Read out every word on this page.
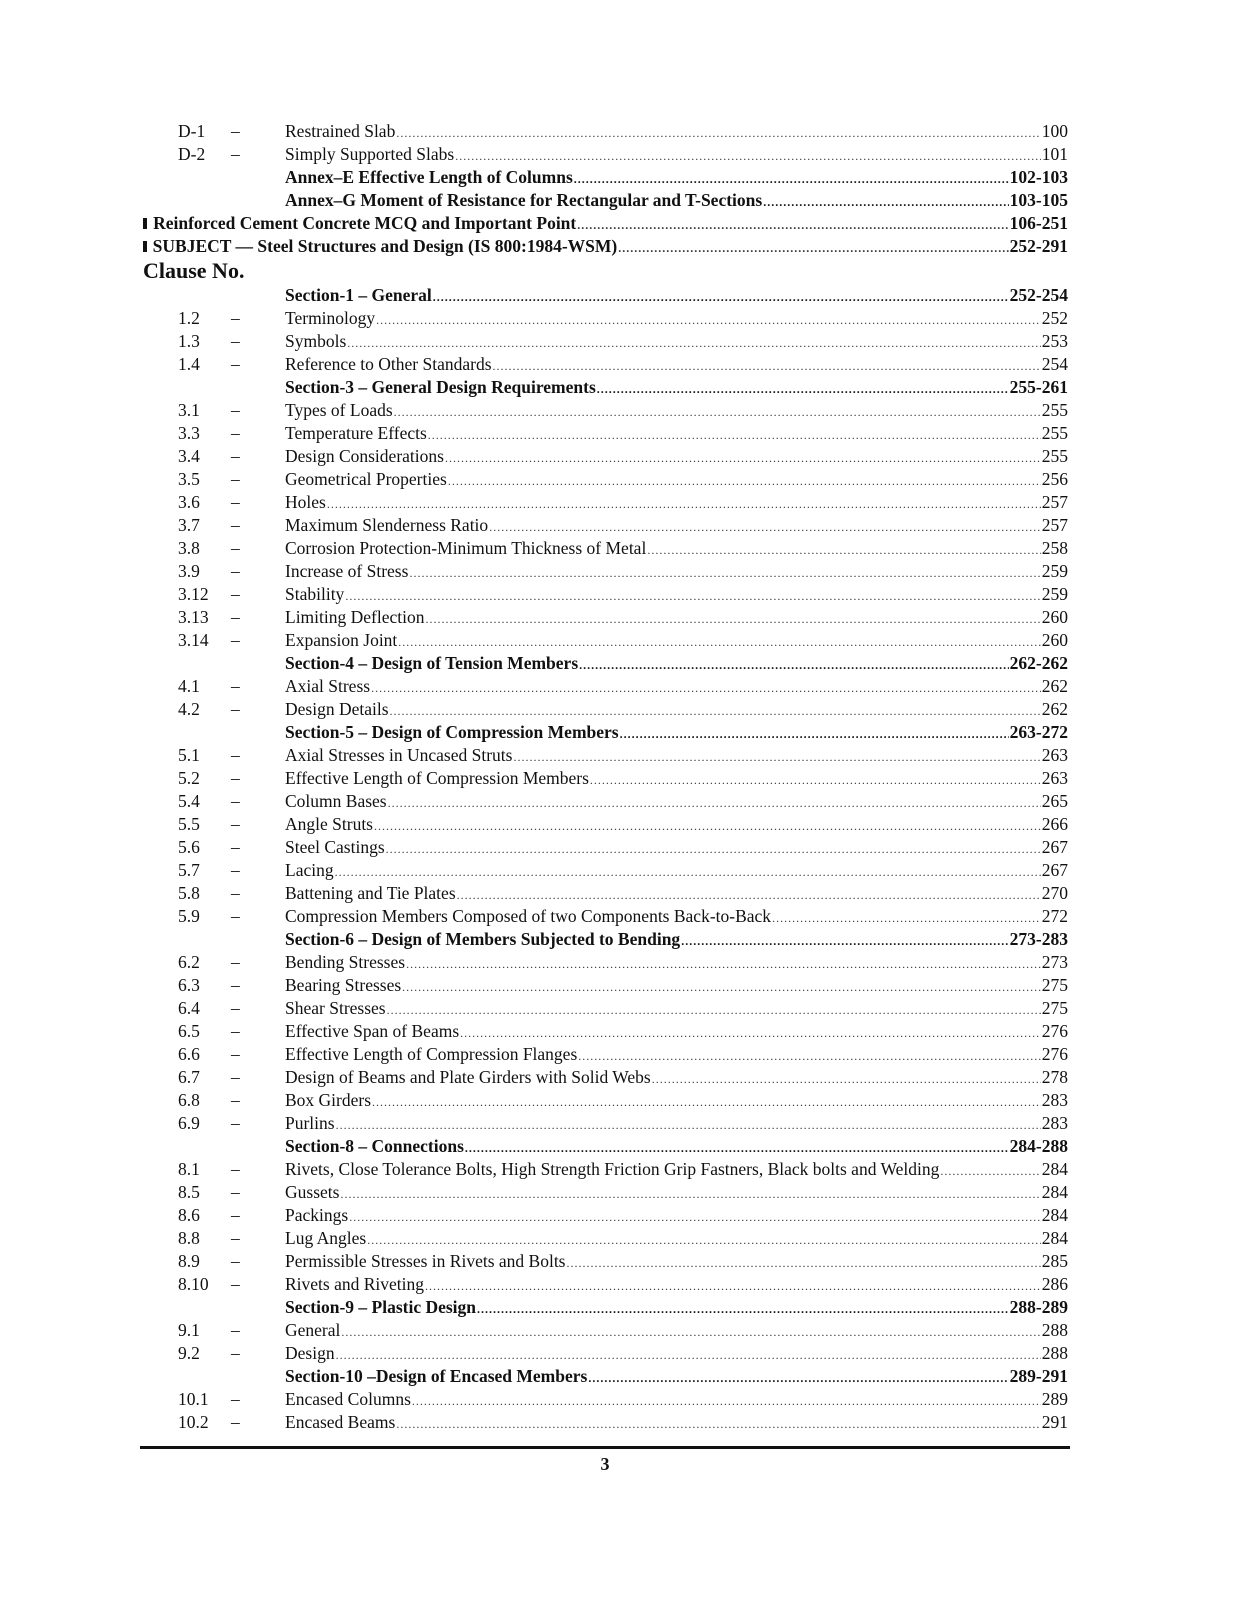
D-1	–	Restrained Slab .....	100
D-2	–	Simply Supported Slabs .....	101
Annex–E Effective Length of Columns .....	102-103
Annex–G Moment of Resistance for Rectangular and T-Sections .....	103-105
Reinforced Cement Concrete MCQ and Important Point .....	106-251
SUBJECT — Steel Structures and Design (IS 800:1984-WSM) .....	252-291
Clause No.
Section-1 – General .....	252-254
1.2	–	Terminology .....	252
1.3	–	Symbols .....	253
1.4	–	Reference to Other Standards .....	254
Section-3 – General Design Requirements .....	255-261
3.1	–	Types of Loads .....	255
3.3	–	Temperature Effects .....	255
3.4	–	Design Considerations .....	255
3.5	–	Geometrical Properties .....	256
3.6	–	Holes .....	257
3.7	–	Maximum Slenderness Ratio .....	257
3.8	–	Corrosion Protection-Minimum Thickness of Metal .....	258
3.9	–	Increase of Stress .....	259
3.12	–	Stability .....	259
3.13	–	Limiting Deflection .....	260
3.14	–	Expansion Joint .....	260
Section-4 – Design of Tension Members .....	262-262
4.1	–	Axial Stress .....	262
4.2	–	Design Details .....	262
Section-5 – Design of Compression Members .....	263-272
5.1	–	Axial Stresses in Uncased Struts .....	263
5.2	–	Effective Length of Compression Members .....	263
5.4	–	Column Bases .....	265
5.5	–	Angle Struts .....	266
5.6	–	Steel Castings .....	267
5.7	–	Lacing .....	267
5.8	–	Battening and Tie Plates .....	270
5.9	–	Compression Members Composed of two Components Back-to-Back .....	272
Section-6 – Design of Members Subjected to Bending .....	273-283
6.2	–	Bending Stresses .....	273
6.3	–	Bearing Stresses .....	275
6.4	–	Shear Stresses .....	275
6.5	–	Effective Span of Beams .....	276
6.6	–	Effective Length of Compression Flanges .....	276
6.7	–	Design of Beams and Plate Girders with Solid Webs .....	278
6.8	–	Box Girders .....	283
6.9	–	Purlins .....	283
Section-8 – Connections .....	284-288
8.1	–	Rivets, Close Tolerance Bolts, High Strength Friction Grip Fastners, Black bolts and Welding .....	284
8.5	–	Gussets .....	284
8.6	–	Packings .....	284
8.8	–	Lug Angles .....	284
8.9	–	Permissible Stresses in Rivets and Bolts .....	285
8.10	–	Rivets and Riveting .....	286
Section-9 – Plastic Design .....	288-289
9.1	–	General .....	288
9.2	–	Design .....	288
Section-10 –Design of Encased Members .....	289-291
10.1	–	Encased Columns .....	289
10.2	–	Encased Beams .....	291
3
